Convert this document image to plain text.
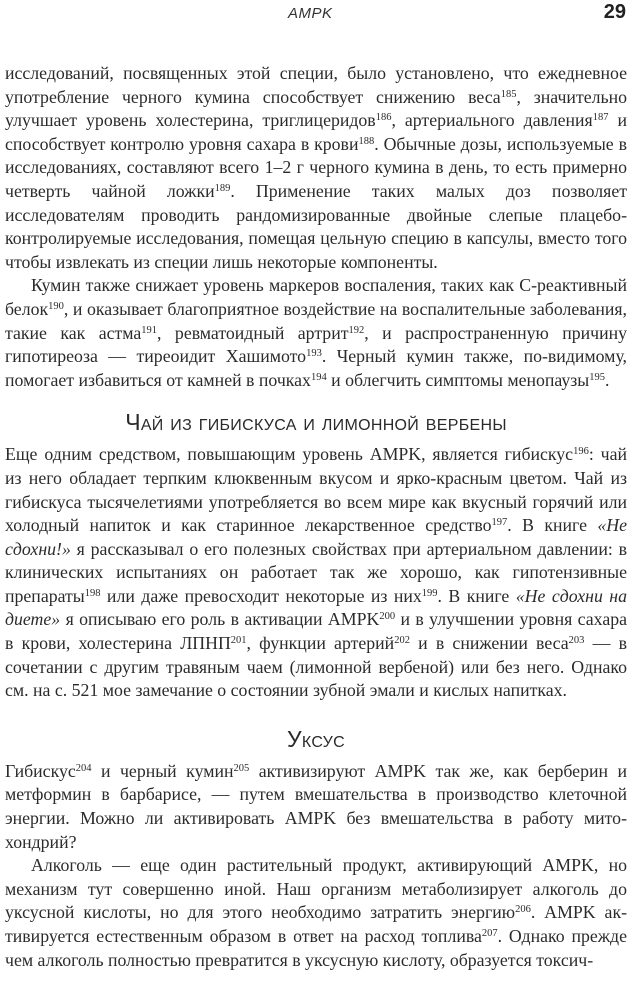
AMPK	29

исследований, посвященных этой специи, было установлено, что ежедневное употребление черного кумина способствует снижению веса$^{185}$, значительно улучшает уровень холестерина, триглицеридов$^{186}$, артериального давления$^{187}$ и способствует контролю уровня сахара в крови$^{188}$. Обычные дозы, используемые в исследованиях, составляют всего 1–2 г черного кумина в день, то есть примерно четверть чайной ложки$^{189}$. Применение таких малых доз позволяет исследователям проводить рандомизированные двойные слепые плацебо-контролируемые исследования, помещая цельную специю в капсулы, вместо того чтобы извлекать из специи лишь некоторые компоненты.

Кумин также снижает уровень маркеров воспаления, таких как С-реактивный белок$^{190}$, и оказывает благоприятное воздействие на воспалительные заболевания, такие как астма$^{191}$, ревматоидный артрит$^{192}$, и распространенную причину гипотиреоза — тиреоидит Хашимото$^{193}$. Черный кумин также, по-видимому, помогает избавиться от камней в почках$^{194}$ и облегчить симптомы менопаузы$^{195}$.

Чай из гибискуса и лимонной вербены

Еще одним средством, повышающим уровень AMPK, является гибискус$^{196}$: чай из него обладает терпким клюквенным вкусом и ярко-красным цветом. Чай из гибискуса тысячелетиями употребляется во всем мире как вкусный горячий или холодный напиток и как старинное лекарственное средство$^{197}$. В книге «Не сдохни!» я рассказывал о его полезных свойствах при артериальном давлении: в клинических испытаниях он работает так же хорошо, как гипотензивные препараты$^{198}$ или даже превосходит некоторые из них$^{199}$. В книге «Не сдохни на диете» я описываю его роль в активации AMPK$^{200}$ и в улучшении уровня сахара в крови, холестерина ЛПНП$^{201}$, функции артерий$^{202}$ и в снижении веса$^{203}$ — в сочетании с другим травяным чаем (лимонной вербеной) или без него. Однако см. на с. 521 мое замечание о состоянии зубной эмали и кислых напитках.

Уксус

Гибискус$^{204}$ и черный кумин$^{205}$ активизируют AMPK так же, как берберин и метформин в барбарисе, — путем вмешательства в производство клеточной энергии. Можно ли активировать AMPK без вмешательства в работу митохондрий?

Алкоголь — еще один растительный продукт, активирующий AMPK, но механизм тут совершенно иной. Наш организм метаболизирует алкоголь до уксусной кислоты, но для этого необходимо затратить энергию$^{206}$. AMPK активируется естественным образом в ответ на расход топлива$^{207}$. Однако прежде чем алкоголь полностью превратится в уксусную кислоту, образуется токсич-
